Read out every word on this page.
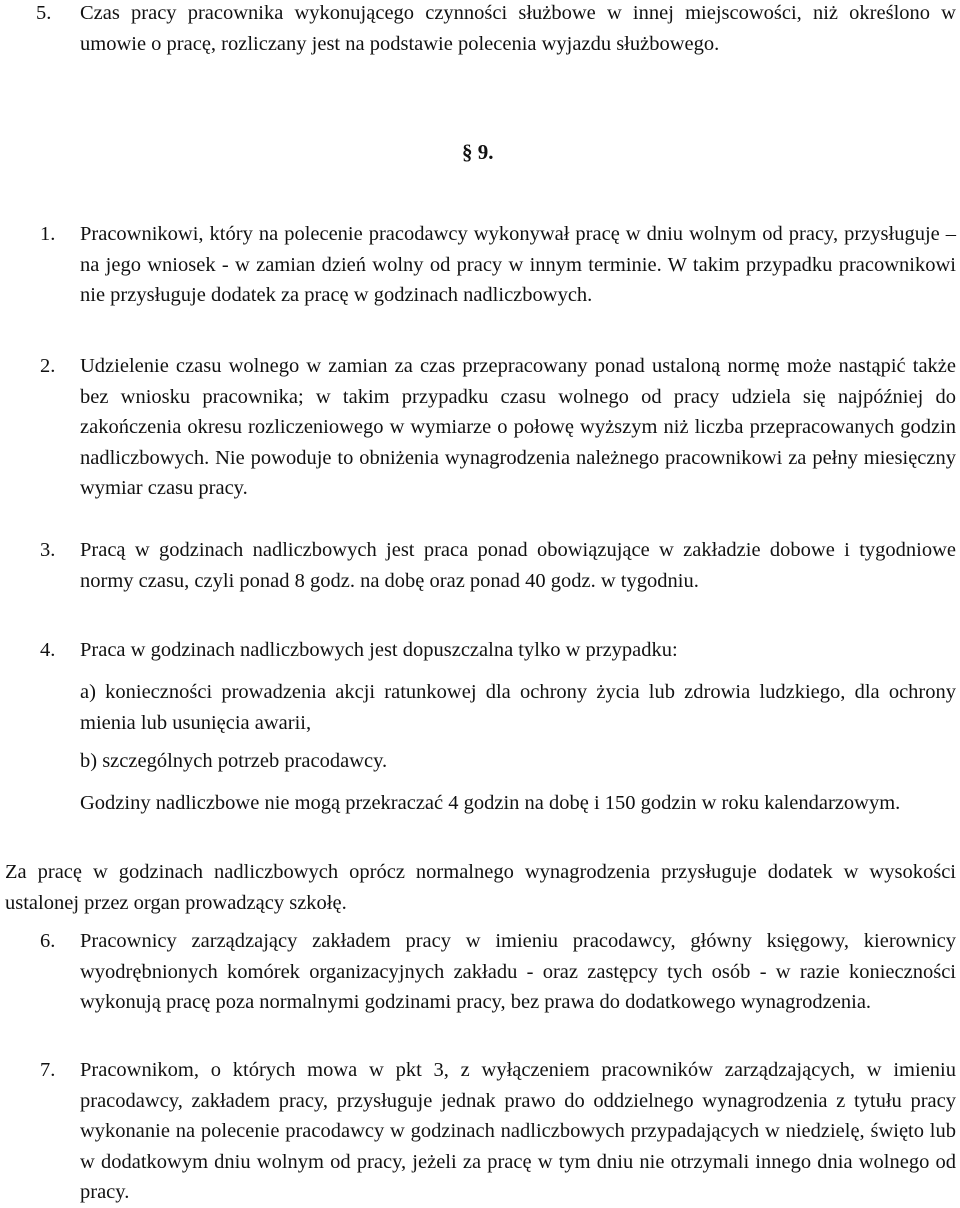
5. Czas pracy pracownika wykonującego czynności służbowe w innej miejscowości, niż określono w umowie o pracę, rozliczany jest na podstawie polecenia wyjazdu służbowego.

§ 9.
1. Pracownikowi, który na polecenie pracodawcy wykonywał pracę w dniu wolnym od pracy, przysługuje – na jego wniosek - w zamian dzień wolny od pracy w innym terminie. W takim przypadku pracownikowi nie przysługuje dodatek za pracę w godzinach nadliczbowych.

2. Udzielenie czasu wolnego w zamian za czas przepracowany ponad ustaloną normę może nastąpić także bez wniosku pracownika; w takim przypadku czasu wolnego od pracy udziela się najpóźniej do zakończenia okresu rozliczeniowego w wymiarze o połowę wyższym niż liczba przepracowanych godzin nadliczbowych. Nie powoduje to obniżenia wynagrodzenia należnego pracownikowi za pełny miesięczny wymiar czasu pracy.

3. Pracą w godzinach nadliczbowych jest praca ponad obowiązujące w zakładzie dobowe i tygodniowe normy czasu, czyli ponad 8 godz. na dobę oraz ponad 40 godz. w tygodniu.

4. Praca w godzinach nadliczbowych jest dopuszczalna tylko w przypadku:

a) konieczności prowadzenia akcji ratunkowej dla ochrony życia lub zdrowia ludzkiego, dla ochrony mienia lub usunięcia awarii,

b) szczególnych potrzeb pracodawcy.

Godziny nadliczbowe nie mogą przekraczać 4 godzin na dobę i 150 godzin w roku kalendarzowym.

Za pracę w godzinach nadliczbowych oprócz normalnego wynagrodzenia przysługuje dodatek w wysokości ustalonej przez organ prowadzący szkołę.

6. Pracownicy zarządzający zakładem pracy w imieniu pracodawcy, główny księgowy, kierownicy wyodrębnionych komórek organizacyjnych zakładu - oraz zastępcy tych osób - w razie konieczności wykonują pracę poza normalnymi godzinami pracy, bez prawa do dodatkowego wynagrodzenia.

7. Pracownikom, o których mowa w pkt 3, z wyłączeniem pracowników zarządzających, w imieniu pracodawcy, zakładem pracy, przysługuje jednak prawo do oddzielnego wynagrodzenia z tytułu pracy wykonanie na polecenie pracodawcy w godzinach nadliczbowych przypadających w niedzielę, święto lub w dodatkowym dniu wolnym od pracy, jeżeli za pracę w tym dniu nie otrzymali innego dnia wolnego od pracy.
